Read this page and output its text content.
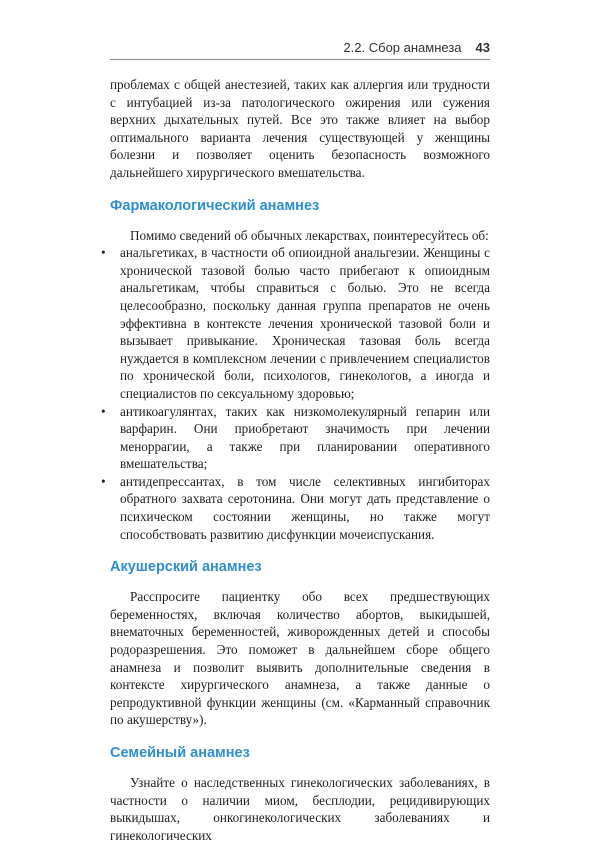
2.2. Сбор анамнеза 43

проблемах с общей анестезией, таких как аллергия или трудности с интубацией из-за патологического ожирения или сужения верхних дыхательных путей. Все это также влияет на выбор оптимального варианта лечения существующей у женщины болезни и позволяет оценить безопасность возможного дальнейшего хирургического вмешательства.

Фармакологический анамнез

Помимо сведений об обычных лекарствах, поинтересуйтесь об:

• анальгетиках, в частности об опиоидной анальгезии. Женщины с хронической тазовой болью часто прибегают к опиоидным анальгетикам, чтобы справиться с болью. Это не всегда целесообразно, поскольку данная группа препаратов не очень эффективна в контексте лечения хронической тазовой боли и вызывает привыкание. Хроническая тазовая боль всегда нуждается в комплексном лечении с привлечением специалистов по хронической боли, психологов, гинекологов, а иногда и специалистов по сексуальному здоровью;
• антикоагулянтах, таких как низкомолекулярный гепарин или варфарин. Они приобретают значимость при лечении меноррагии, а также при планировании оперативного вмешательства;
• антидепрессантах, в том числе селективных ингибиторах обратного захвата серотонина. Они могут дать представление о психическом состоянии женщины, но также могут способствовать развитию дисфункции мочеиспускания.
Акушерский анамнез

Расспросите пациентку обо всех предшествующих беременностях, включая количество абортов, выкидышей, внематочных беременностей, живорожденных детей и способы родоразрешения. Это поможет в дальнейшем сборе общего анамнеза и позволит выявить дополнительные сведения в контексте хирургического анамнеза, а также данные о репродуктивной функции женщины (см. «Карманный справочник по акушерству»).

Семейный анамнез

Узнайте о наследственных гинекологических заболеваниях, в частности о наличии миом, бесплодии, рецидивирующих выкидышах, онкогинекологических заболеваниях и гинекологических
